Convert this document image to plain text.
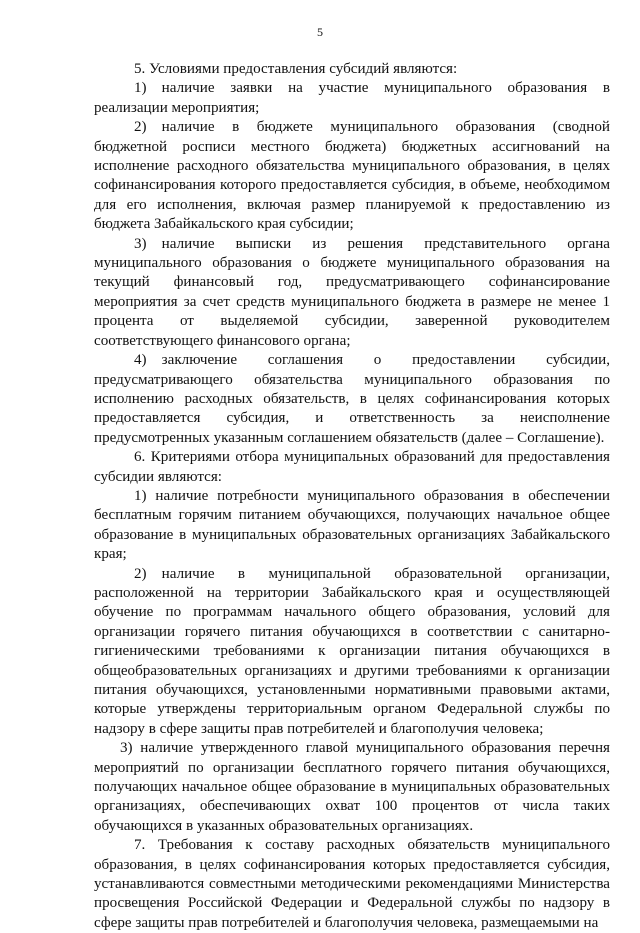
5

5. Условиями предоставления субсидий являются:

1) наличие заявки на участие муниципального образования в реализации мероприятия;

2) наличие в бюджете муниципального образования (сводной бюджетной росписи местного бюджета) бюджетных ассигнований на исполнение расходного обязательства муниципального образования, в целях софинансирования которого предоставляется субсидия, в объеме, необходимом для его исполнения, включая размер планируемой к предоставлению из бюджета Забайкальского края субсидии;

3) наличие выписки из решения представительного органа муниципального образования о бюджете муниципального образования на текущий финансовый год, предусматривающего софинансирование мероприятия за счет средств муниципального бюджета в размере не менее 1 процента от выделяемой субсидии, заверенной руководителем соответствующего финансового органа;

4) заключение соглашения о предоставлении субсидии, предусматривающего обязательства муниципального образования по исполнению расходных обязательств, в целях софинансирования которых предоставляется субсидия, и ответственность за неисполнение предусмотренных указанным соглашением обязательств (далее – Соглашение).

6. Критериями отбора муниципальных образований для предоставления субсидии являются:

1) наличие потребности муниципального образования в обеспечении бесплатным горячим питанием обучающихся, получающих начальное общее образование в муниципальных образовательных организациях Забайкальского края;

2) наличие в муниципальной образовательной организации, расположенной на территории Забайкальского края и осуществляющей обучение по программам начального общего образования, условий для организации горячего питания обучающихся в соответствии с санитарно-гигиеническими требованиями к организации питания обучающихся в общеобразовательных организациях и другими требованиями к организации питания обучающихся, установленными нормативными правовыми актами, которые утверждены территориальным органом Федеральной службы по надзору в сфере защиты прав потребителей и благополучия человека;

3) наличие утвержденного главой муниципального образования перечня мероприятий по организации бесплатного горячего питания обучающихся, получающих начальное общее образование в муниципальных образовательных организациях, обеспечивающих охват 100 процентов от числа таких обучающихся в указанных образовательных организациях.

7. Требования к составу расходных обязательств муниципального образования, в целях софинансирования которых предоставляется субсидия, устанавливаются совместными методическими рекомендациями Министерства просвещения Российской Федерации и Федеральной службы по надзору в сфере защиты прав потребителей и благополучия человека, размещаемыми на
